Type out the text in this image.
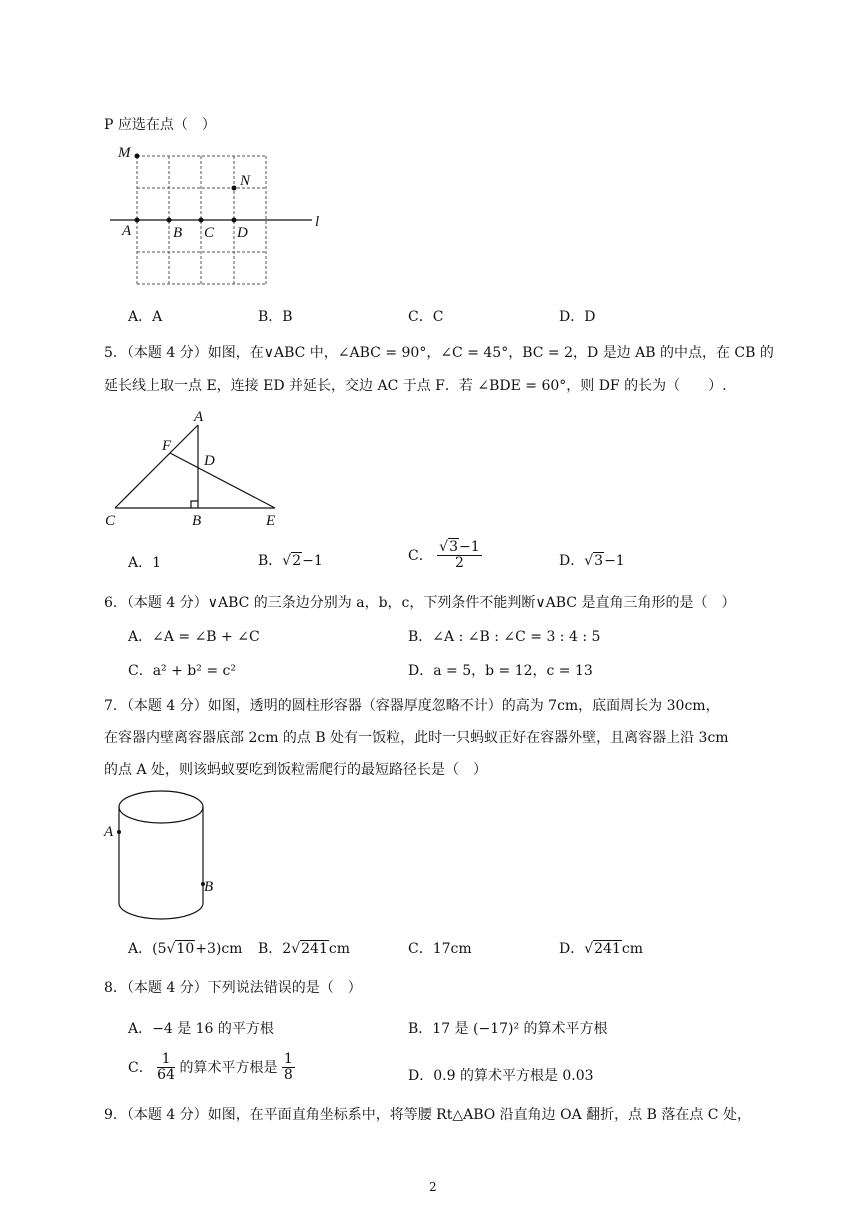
P 应选在点（　）
M
N
A	B C D
l
A．A	B．B	C．C	D．D
5．（本题 4 分）如图，在∨ABC 中，∠ABC = 90°，∠C = 45°，BC = 2，D 是边 AB 的中点，在 CB 的
延长线上取一点 E，连接 ED 并延长，交边 AC 于点 F．若 ∠BDE = 60°，则 DF 的长为（　　）.
A
F
D
C	B	E
A．1	B．√2−1	C． $\frac{√3-1}{2}$	D．√3−1
6．（本题 4 分）∨ABC 的三条边分别为 a，b，c，下列条件不能判断∨ABC 是直角三角形的是（　）
A．∠A = ∠B + ∠C	B．∠A : ∠B : ∠C = 3 : 4 : 5
C．a² + b² = c²	D．a = 5，b = 12，c = 13
7．（本题 4 分）如图，透明的圆柱形容器（容器厚度忽略不计）的高为 7cm，底面周长为 30cm，
在容器内壁离容器底部 2cm 的点 B 处有一饭粒，此时一只蚂蚁正好在容器外壁，且离容器上沿 3cm
的点 A 处，则该蚂蚁要吃到饭粒需爬行的最短路径长是（　）
A
B
A．(5√10+3)cm B．2√241cm	C．17cm	D．√241cm
8．（本题 4 分）下列说法错误的是（　）
A．−4 是 16 的平方根	B．17 是 (−17)² 的算术平方根
C． $\frac{1}{64}$ 的算术平方根是 $\frac{1}{8}$	D．0.9 的算术平方根是 0.03
9．（本题 4 分）如图，在平面直角坐标系中，将等腰 Rt△ABO 沿直角边 OA 翻折，点 B 落在点 C 处，
2
